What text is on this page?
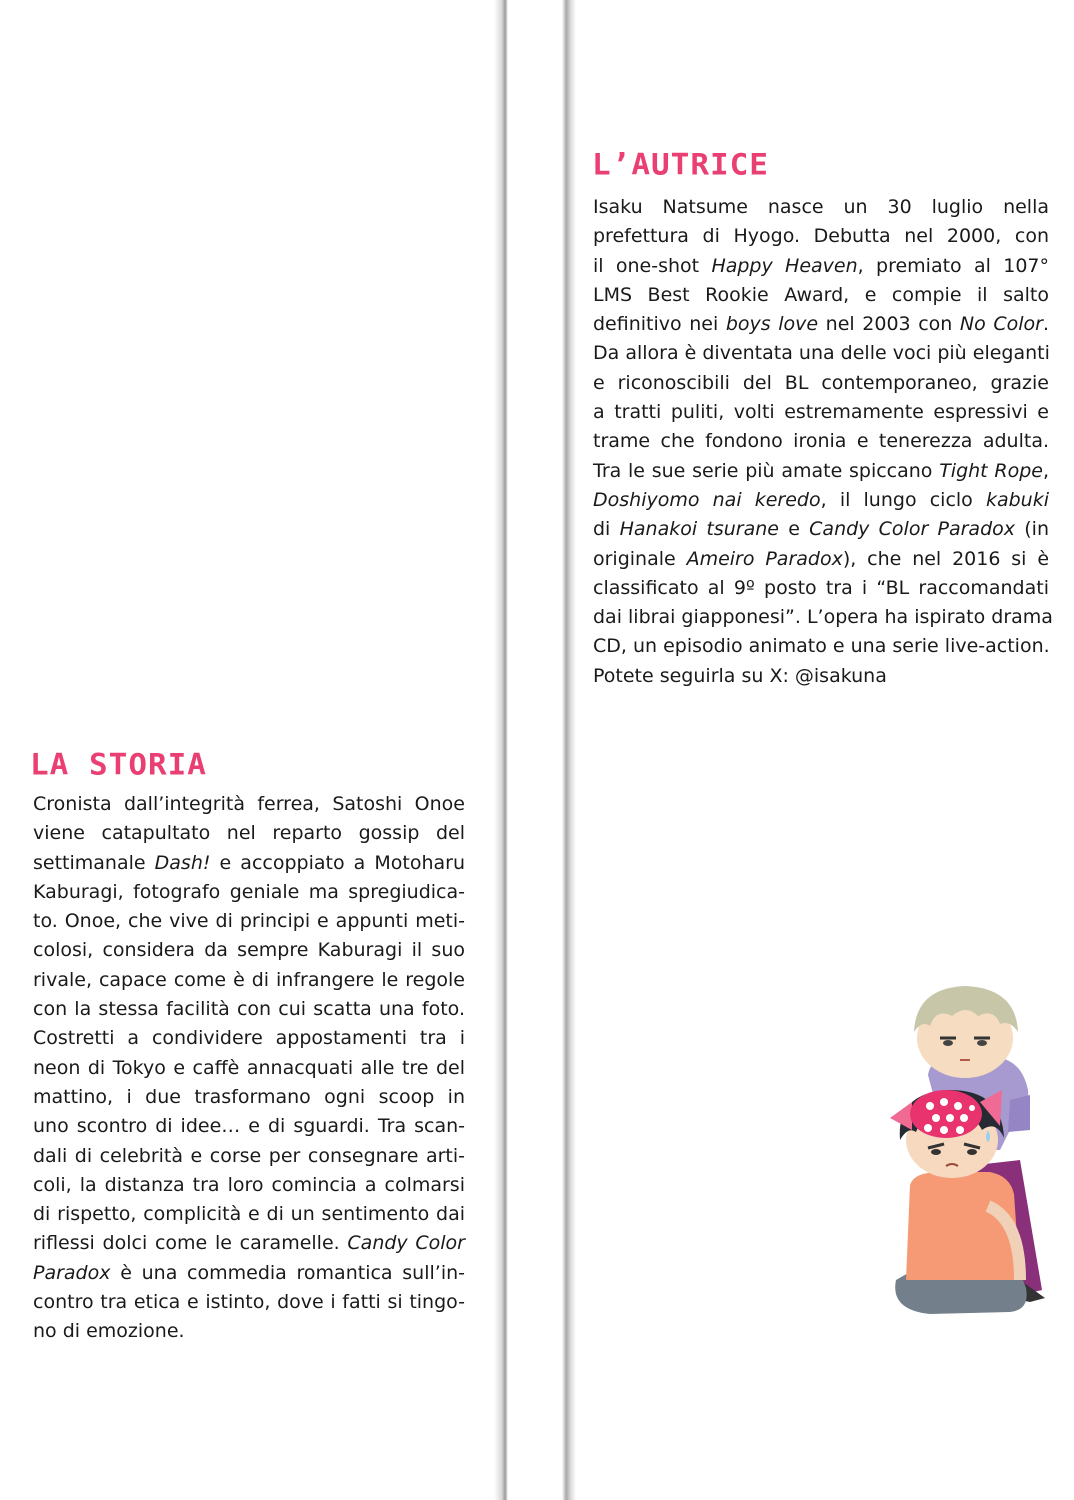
L’AUTRICE
Isaku Natsume nasce un 30 luglio nella
prefettura di Hyogo. Debutta nel 2000, con
il one-shot Happy Heaven, premiato al 107°
LMS Best Rookie Award, e compie il salto
definitivo nei boys love nel 2003 con No Color.
Da allora è diventata una delle voci più eleganti
e riconoscibili del BL contemporaneo, grazie
a tratti puliti, volti estremamente espressivi e
trame che fondono ironia e tenerezza adulta.
Tra le sue serie più amate spiccano Tight Rope,
Doshiyomo nai keredo, il lungo ciclo kabuki
di Hanakoi tsurane e Candy Color Paradox (in
originale Ameiro Paradox), che nel 2016 si è
classificato al 9º posto tra i “BL raccomandati
dai librai giapponesi”. L’opera ha ispirato drama
CD, un episodio animato e una serie live-action.
Potete seguirla su X: @isakuna
LA STORIA
Cronista dall’integrità ferrea, Satoshi Onoe
viene catapultato nel reparto gossip del
settimanale Dash! e accoppiato a Motoharu
Kaburagi, fotografo geniale ma spregiudica-
to. Onoe, che vive di principi e appunti meti-
colosi, considera da sempre Kaburagi il suo
rivale, capace come è di infrangere le regole
con la stessa facilità con cui scatta una foto.
Costretti a condividere appostamenti tra i
neon di Tokyo e caffè annacquati alle tre del
mattino, i due trasformano ogni scoop in
uno scontro di idee… e di sguardi. Tra scan-
dali di celebrità e corse per consegnare arti-
coli, la distanza tra loro comincia a colmarsi
di rispetto, complicità e di un sentimento dai
riflessi dolci come le caramelle. Candy Color
Paradox è una commedia romantica sull’in-
contro tra etica e istinto, dove i fatti si tingo-
no di emozione.
